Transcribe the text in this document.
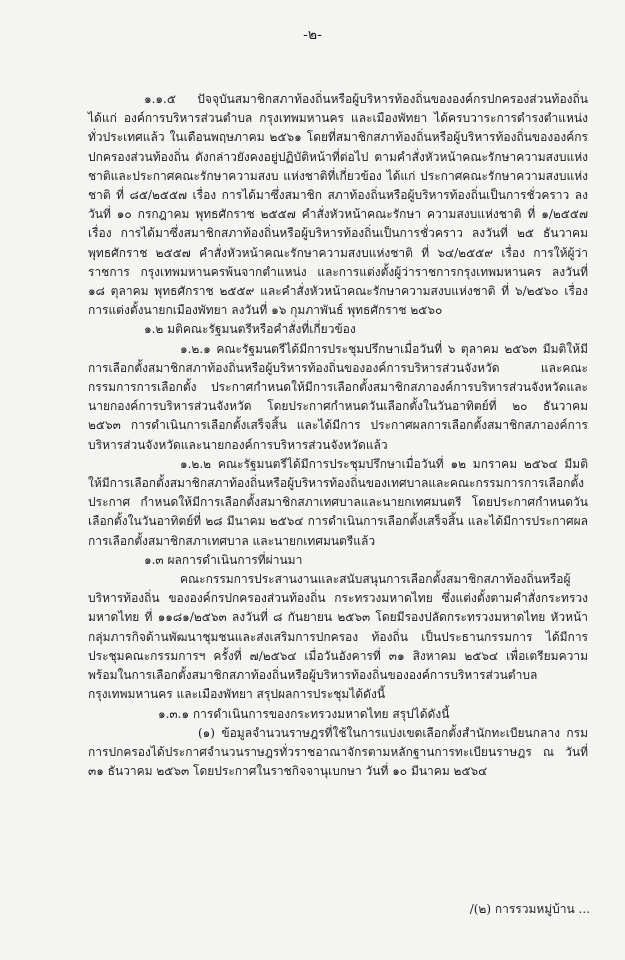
-๒-

๑.๑.๕ ปัจจุบันสมาชิกสภาท้องถิ่นหรือผู้บริหารท้องถิ่นขององค์กรปกครองส่วนท้องถิ่น ได้แก่ องค์การบริหารส่วนตำบล กรุงเทพมหานคร และเมืองพัทยา ได้ครบวาระการดำรงตำแหน่ง ทั่วประเทศแล้ว ในเดือนพฤษภาคม ๒๕๖๑ โดยที่สมาชิกสภาท้องถิ่นหรือผู้บริหารท้องถิ่นขององค์กรปกครองส่วนท้องถิ่น ดังกล่าวยังคงอยู่ปฏิบัติหน้าที่ต่อไป ตามคำสั่งหัวหน้าคณะรักษาความสงบแห่งชาติและประกาศคณะรักษาความสงบ แห่งชาติที่เกี่ยวข้อง ได้แก่ ประกาศคณะรักษาความสงบแห่งชาติ ที่ ๘๕/๒๕๕๗ เรื่อง การได้มาซึ่งสมาชิก สภาท้องถิ่นหรือผู้บริหารท้องถิ่นเป็นการชั่วคราว ลงวันที่ ๑๐ กรกฎาคม พุทธศักราช ๒๕๕๗ คำสั่งหัวหน้าคณะรักษา ความสงบแห่งชาติ ที่ ๑/๒๕๕๗ เรื่อง การได้มาซึ่งสมาชิกสภาท้องถิ่นหรือผู้บริหารท้องถิ่นเป็นการชั่วคราว ลงวันที่ ๒๕ ธันวาคม พุทธศักราช ๒๕๕๗ คำสั่งหัวหน้าคณะรักษาความสงบแห่งชาติ ที่ ๖๔/๒๕๕๙ เรื่อง การให้ผู้ว่าราชการ กรุงเทพมหานครพ้นจากตำแหน่ง และการแต่งตั้งผู้ว่าราชการกรุงเทพมหานคร ลงวันที่ ๑๘ ตุลาคม พุทธศักราช ๒๕๕๙ และคำสั่งหัวหน้าคณะรักษาความสงบแห่งชาติ ที่ ๖/๒๕๖๐ เรื่อง การแต่งตั้งนายกเมืองพัทยา ลงวันที่ ๑๖ กุมภาพันธ์ พุทธศักราช ๒๕๖๐

๑.๒ มติคณะรัฐมนตรีหรือคำสั่งที่เกี่ยวข้อง

๑.๒.๑ คณะรัฐมนตรีได้มีการประชุมปรึกษาเมื่อวันที่ ๖ ตุลาคม ๒๕๖๓ มีมติให้มี การเลือกตั้งสมาชิกสภาท้องถิ่นหรือผู้บริหารท้องถิ่นขององค์การบริหารส่วนจังหวัด และคณะกรรมการการเลือกตั้ง ประกาศกำหนดให้มีการเลือกตั้งสมาชิกสภาองค์การบริหารส่วนจังหวัดและนายกองค์การบริหารส่วนจังหวัด โดยประกาศกำหนดวันเลือกตั้งในวันอาทิตย์ที่ ๒๐ ธันวาคม ๒๕๖๓ การดำเนินการเลือกตั้งเสร็จสิ้น และได้มีการ ประกาศผลการเลือกตั้งสมาชิกสภาองค์การบริหารส่วนจังหวัดและนายกองค์การบริหารส่วนจังหวัดแล้ว

๑.๒.๒ คณะรัฐมนตรีได้มีการประชุมปรึกษาเมื่อวันที่ ๑๒ มกราคม ๒๕๖๔ มีมติ ให้มีการเลือกตั้งสมาชิกสภาท้องถิ่นหรือผู้บริหารท้องถิ่นของเทศบาลและคณะกรรมการการเลือกตั้งประกาศ กำหนดให้มีการเลือกตั้งสมาชิกสภาเทศบาลและนายกเทศมนตรี โดยประกาศกำหนดวันเลือกตั้งในวันอาทิตย์ที่ ๒๘ มีนาคม ๒๕๖๔ การดำเนินการเลือกตั้งเสร็จสิ้น และได้มีการประกาศผลการเลือกตั้งสมาชิกสภาเทศบาล และนายกเทศมนตรีแล้ว

๑.๓ ผลการดำเนินการที่ผ่านมา

คณะกรรมการประสานงานและสนับสนุนการเลือกตั้งสมาชิกสภาท้องถิ่นหรือผู้บริหารท้องถิ่น ขององค์กรปกครองส่วนท้องถิ่น กระทรวงมหาดไทย ซึ่งแต่งตั้งตามคำสั่งกระทรวงมหาดไทย ที่ ๑๑๘๑/๒๕๖๓ ลงวันที่ ๘ กันยายน ๒๕๖๓ โดยมีรองปลัดกระทรวงมหาดไทย หัวหน้ากลุ่มภารกิจด้านพัฒนาชุมชนและส่งเสริมการปกครอง ท้องถิ่น เป็นประธานกรรมการ ได้มีการประชุมคณะกรรมการฯ ครั้งที่ ๗/๒๕๖๔ เมื่อวันอังคารที่ ๓๑ สิงหาคม ๒๕๖๔ เพื่อเตรียมความพร้อมในการเลือกตั้งสมาชิกสภาท้องถิ่นหรือผู้บริหารท้องถิ่นขององค์การบริหารส่วนตำบล กรุงเทพมหานคร และเมืองพัทยา สรุปผลการประชุมได้ดังนี้

๑.๓.๑ การดำเนินการของกระทรวงมหาดไทย สรุปได้ดังนี้

(๑) ข้อมูลจำนวนราษฎรที่ใช้ในการแบ่งเขตเลือกตั้งสำนักทะเบียนกลาง กรมการปกครองได้ประกาศจำนวนราษฎรทั่วราชอาณาจักรตามหลักฐานการทะเบียนราษฎร ณ วันที่ ๓๑ ธันวาคม ๒๕๖๓ โดยประกาศในราชกิจจานุเบกษา วันที่ ๑๐ มีนาคม ๒๕๖๔

/(๒) การรวมหมู่บ้าน ...
